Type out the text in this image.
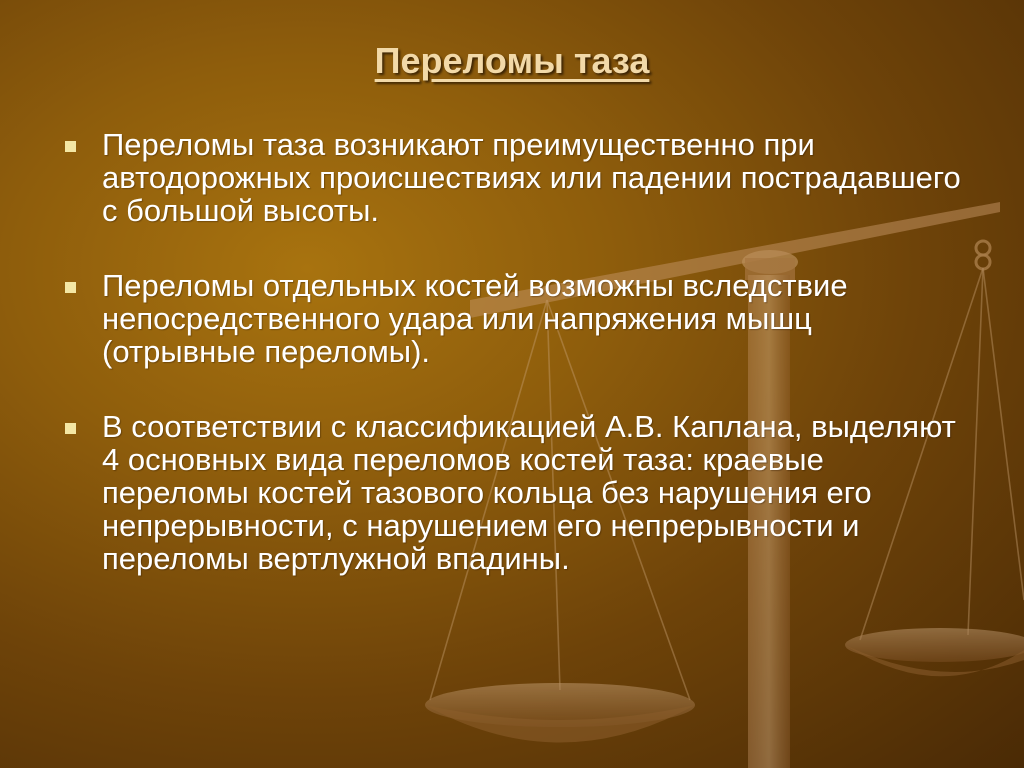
Переломы таза
Переломы таза возникают преимущественно при автодорожных происшествиях или падении пострадавшего с большой высоты.
Переломы отдельных костей возможны вследствие непосредственного удара или напряжения мышц (отрывные переломы).
В соответствии с классификацией А.В. Каплана, выделяют 4 основных вида переломов костей таза: краевые переломы костей тазового кольца без нарушения его непрерывности, с нарушением его непрерывности и переломы вертлужной впадины.
